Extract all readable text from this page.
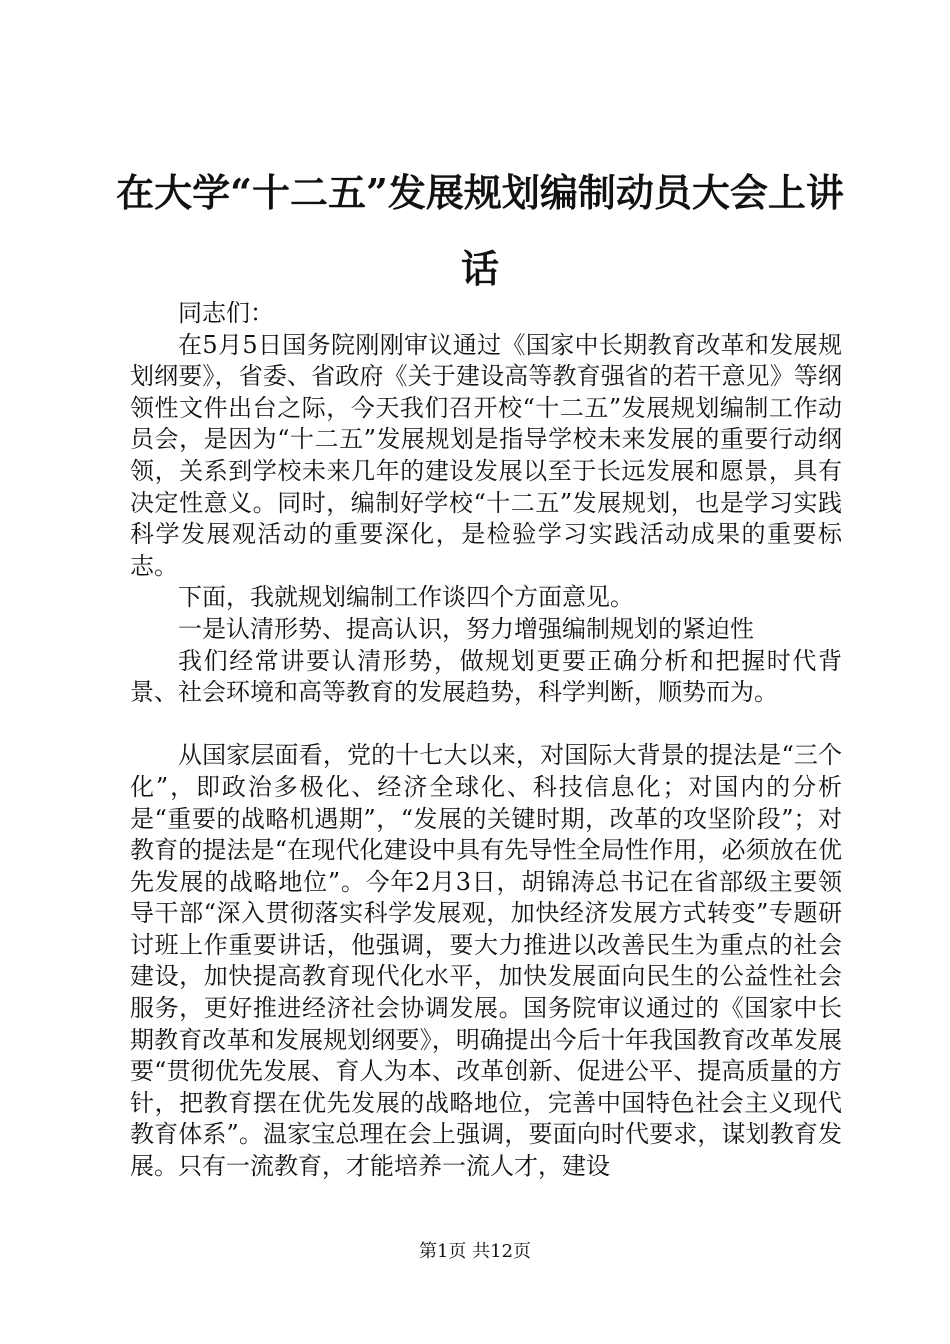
在大学“十二五”发展规划编制动员大会上讲话

同志们：

在5月5日国务院刚刚审议通过《国家中长期教育改革和发展规划纲要》，省委、省政府《关于建设高等教育强省的若干意见》等纲领性文件出台之际，今天我们召开校“十二五”发展规划编制工作动员会，是因为“十二五”发展规划是指导学校未来发展的重要行动纲领，关系到学校未来几年的建设发展以至于长远发展和愿景，具有决定性意义。同时，编制好学校“十二五”发展规划，也是学习实践科学发展观活动的重要深化，是检验学习实践活动成果的重要标志。

下面，我就规划编制工作谈四个方面意见。

一是认清形势、提高认识，努力增强编制规划的紧迫性

我们经常讲要认清形势，做规划更要正确分析和把握时代背景、社会环境和高等教育的发展趋势，科学判断，顺势而为。

从国家层面看，党的十七大以来，对国际大背景的提法是“三个化”，即政治多极化、经济全球化、科技信息化；对国内的分析是“重要的战略机遇期”，“发展的关键时期，改革的攻坚阶段”；对教育的提法是“在现代化建设中具有先导性全局性作用，必须放在优先发展的战略地位”。今年2月3日，胡锦涛总书记在省部级主要领导干部“深入贯彻落实科学发展观，加快经济发展方式转变”专题研讨班上作重要讲话，他强调，要大力推进以改善民生为重点的社会建设，加快提高教育现代化水平，加快发展面向民生的公益性社会服务，更好推进经济社会协调发展。国务院审议通过的《国家中长期教育改革和发展规划纲要》，明确提出今后十年我国教育改革发展要“贯彻优先发展、育人为本、改革创新、促进公平、提高质量的方针，把教育摆在优先发展的战略地位，完善中国特色社会主义现代教育体系”。温家宝总理在会上强调，要面向时代要求，谋划教育发展。只有一流教育，才能培养一流人才，建设

第1页 共12页
